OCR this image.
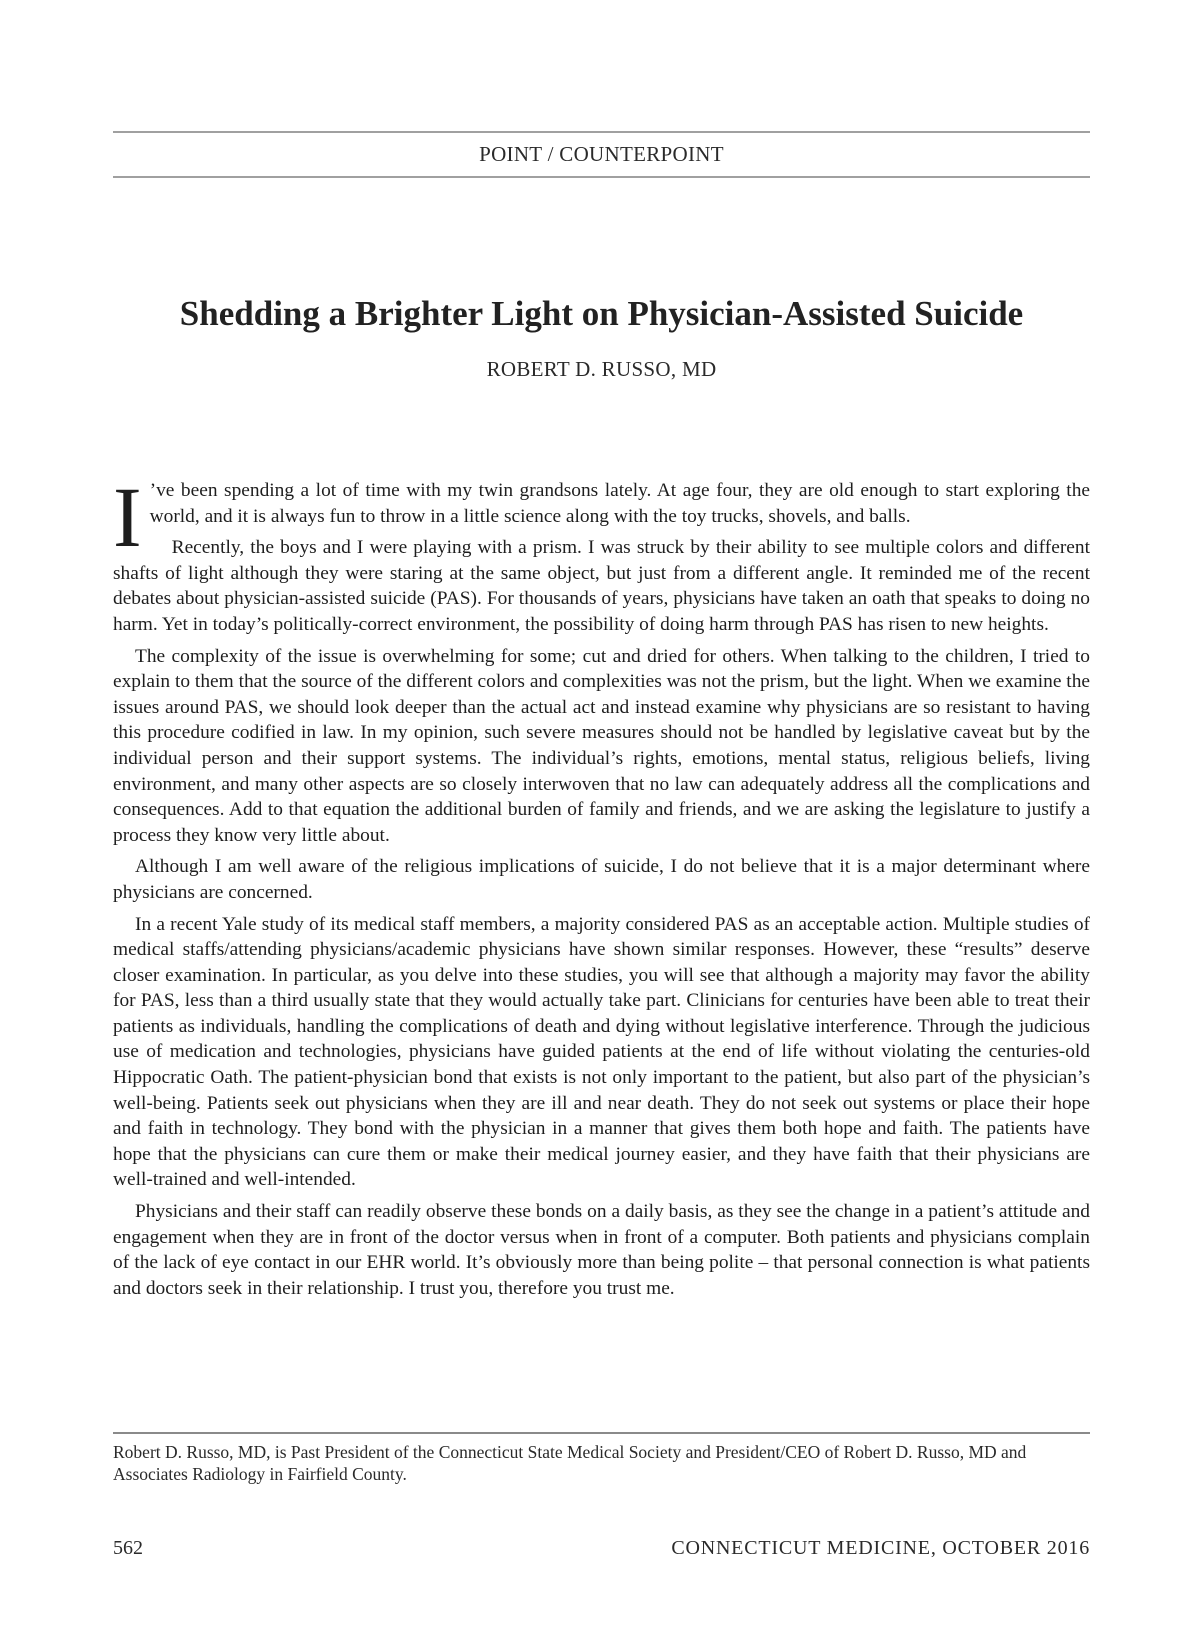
POINT / COUNTERPOINT
Shedding a Brighter Light on Physician-Assisted Suicide
ROBERT D. RUSSO, MD

I ’ve been spending a lot of time with my twin grandsons lately. At age four, they are old enough to start exploring the world, and it is always fun to throw in a little science along with the toy trucks, shovels, and balls.

Recently, the boys and I were playing with a prism. I was struck by their ability to see multiple colors and different shafts of light although they were staring at the same object, but just from a different angle. It reminded me of the recent debates about physician-assisted suicide (PAS). For thousands of years, physicians have taken an oath that speaks to doing no harm. Yet in today’s politically-correct environment, the possibility of doing harm through PAS has risen to new heights.

The complexity of the issue is overwhelming for some; cut and dried for others. When talking to the children, I tried to explain to them that the source of the different colors and complexities was not the prism, but the light. When we examine the issues around PAS, we should look deeper than the actual act and instead examine why physicians are so resistant to having this procedure codified in law. In my opinion, such severe measures should not be handled by legislative caveat but by the individual person and their support systems. The individual’s rights, emotions, mental status, religious beliefs, living environment, and many other aspects are so closely interwoven that no law can adequately address all the complications and consequences. Add to that equation the additional burden of family and friends, and we are asking the legislature to justify a process they know very little about.

Although I am well aware of the religious implications of suicide, I do not believe that it is a major determinant where physicians are concerned.

In a recent Yale study of its medical staff members, a majority considered PAS as an acceptable action. Multiple studies of medical staffs/attending physicians/academic physicians have shown similar responses. However, these “results” deserve closer examination. In particular, as you delve into these studies, you will see that although a majority may favor the ability for PAS, less than a third usually state that they would actually take part. Clinicians for centuries have been able to treat their patients as individuals, handling the complications of death and dying without legislative interference. Through the judicious use of medication and technologies, physicians have guided patients at the end of life without violating the centuries-old Hippocratic Oath. The patient-physician bond that exists is not only important to the patient, but also part of the physician’s well-being. Patients seek out physicians when they are ill and near death. They do not seek out systems or place their hope and faith in technology. They bond with the physician in a manner that gives them both hope and faith. The patients have hope that the physicians can cure them or make their medical journey easier, and they have faith that their physicians are well-trained and well-intended.

Physicians and their staff can readily observe these bonds on a daily basis, as they see the change in a patient’s attitude and engagement when they are in front of the doctor versus when in front of a computer. Both patients and physicians complain of the lack of eye contact in our EHR world. It’s obviously more than being polite – that personal connection is what patients and doctors seek in their relationship. I trust you, therefore you trust me.

Robert D. Russo, MD, is Past President of the Connecticut State Medical Society and President/CEO of Robert D. Russo, MD and Associates Radiology in Fairfield County.
562	CONNECTICUT MEDICINE, OCTOBER 2016
